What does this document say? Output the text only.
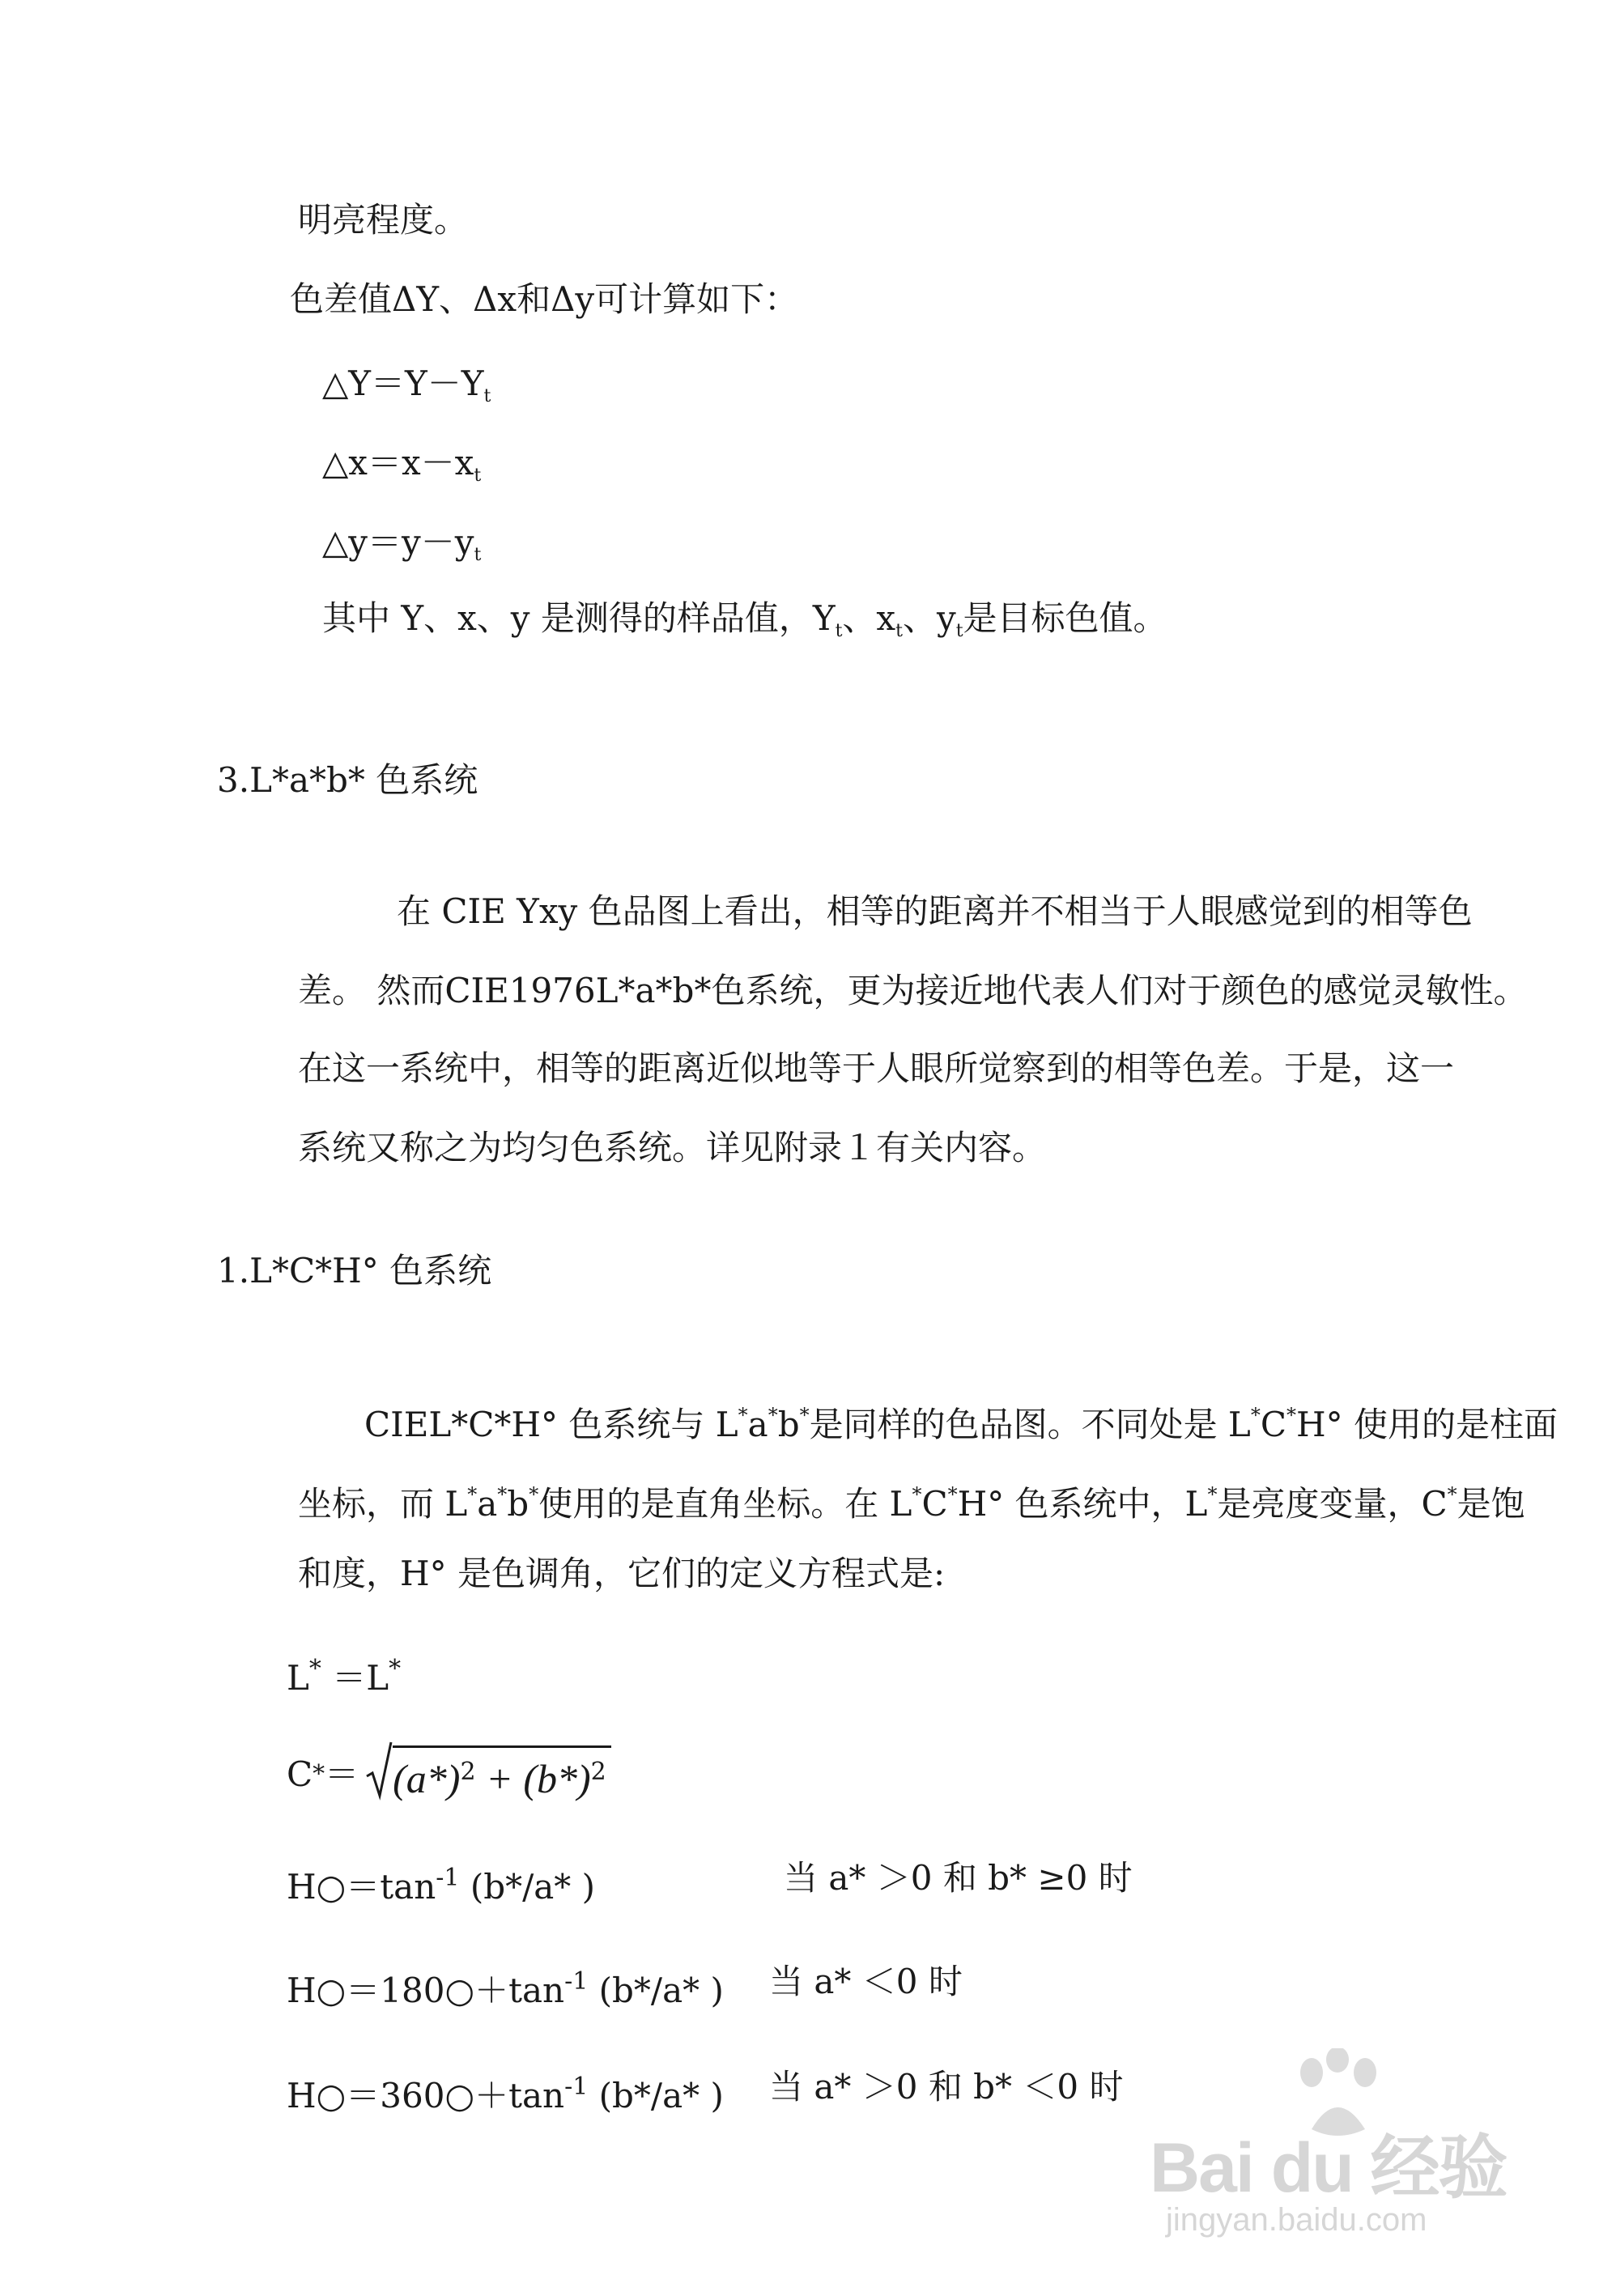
明亮程度。
色差值ΔY、Δx和Δy可计算如下：
$\triangle Y=Y-Y_t$
$\triangle x=x-x_t$
$\triangle y=y-y_t$
其中 Y、x、y 是测得的样品值，$Y_t$、$x_t$、$y_t$是目标色值。
3.L*a*b* 色系统
在 CIE Yxy 色品图上看出，相等的距离并不相当于人眼感觉到的相等色
差。 然而CIE1976L*a*b*色系统，更为接近地代表人们对于颜色的感觉灵敏性。
在这一系统中，相等的距离近似地等于人眼所觉察到的相等色差。于是，这一
系统又称之为均匀色系统。详见附录１有关内容。
1.L*C*H° 色系统
CIEL*C*H° 色系统与 L*a*b*是同样的色品图。不同处是 L*C*H° 使用的是柱面
坐标，而 L*a*b*使用的是直角坐标。在 L*C*H° 色系统中，L*是亮度变量，C*是饱
和度，H° 是色调角，它们的定义方程式是:
L* ＝L*
C * ＝ $(a*)^2 + (b*)^2$
$H○=\tan^{-1}$ (b*/a* )	当 a* ＞0 和 b* ≥0 时
$H○=180○+\tan^{-1}$ (b*/a* ) 当 a* ＜0 时
$H○=360○+\tan^{-1}$ (b*/a* ) 当 a* ＞0 和 b* ＜0 时
Bai du 经验
jingyan.baidu.com
